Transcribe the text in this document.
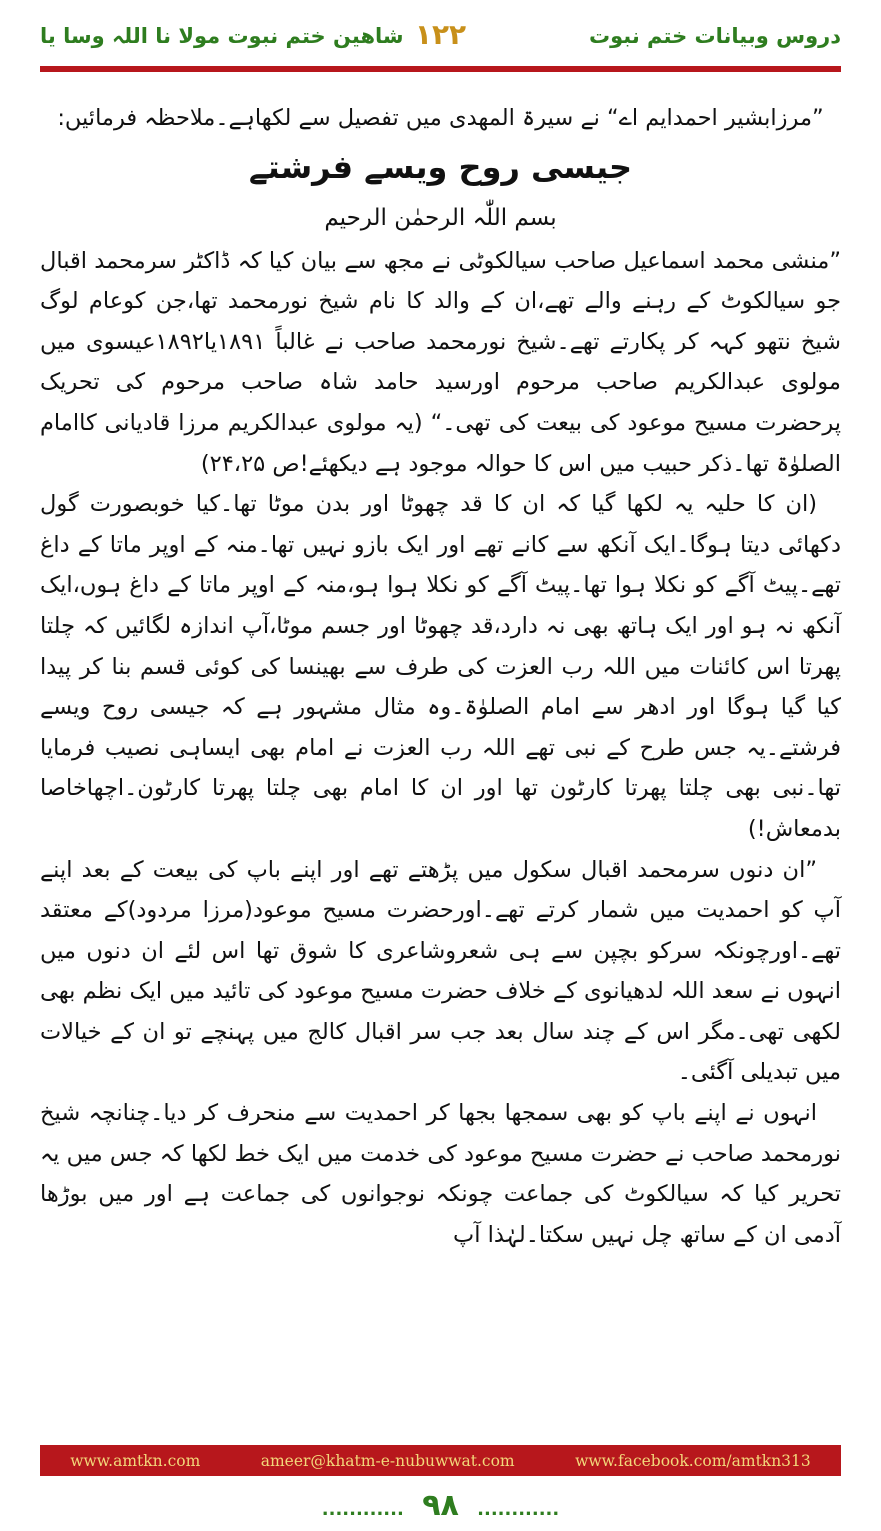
دروس وبیانات ختم نبوت
۱۲۲
شاهین ختم نبوت مولا نا اللہ وسا یا

”مرزابشیر احمدایم اے“ نے سیرۃ المھدی میں تفصیل سے لکھاہے۔ملاحظہ فرمائیں:

جیسی روح ویسے فرشتے

بسم اللّٰہ الرحمٰن الرحیم

”منشی محمد اسماعیل صاحب سیالکوٹی نے مجھ سے بیان کیا کہ ڈاکٹر سرمحمد اقبال جو سیالکوٹ کے رہنے والے تھے،ان کے والد کا نام شیخ نورمحمد تھا،جن کوعام لوگ شیخ نتھو کہہ کر پکارتے تھے۔شیخ نورمحمد صاحب نے غالباً ۱۸۹۱یا۱۸۹۲عیسوی میں مولوی عبدالکریم صاحب مرحوم اورسید حامد شاہ صاحب مرحوم کی تحریک پرحضرت مسیح موعود کی بیعت کی تھی۔“ (یہ مولوی عبدالکریم مرزا قادیانی کاامام الصلوٰۃ تھا۔ذکر حبیب میں اس کا حوالہ موجود ہے دیکھئے!ص ۲۴،۲۵)

(ان کا حلیہ یہ لکھا گیا کہ ان کا قد چھوٹا اور بدن موٹا تھا۔کیا خوبصورت گول دکھائی دیتا ہوگا۔ایک آنکھ سے کانے تھے اور ایک بازو نہیں تھا۔منہ کے اوپر ماتا کے داغ تھے۔پیٹ آگے کو نکلا ہوا تھا۔پیٹ آگے کو نکلا ہوا ہو،منہ کے اوپر ماتا کے داغ ہوں،ایک آنکھ نہ ہو اور ایک ہاتھ بھی نہ دارد،قد چھوٹا اور جسم موٹا،آپ اندازہ لگائیں کہ چلتا پھرتا اس کائنات میں اللہ رب العزت کی طرف سے بھینسا کی کوئی قسم بنا کر پیدا کیا گیا ہوگا اور ادھر سے امام الصلوٰۃ۔وہ مثال مشہور ہے کہ جیسی روح ویسے فرشتے۔یہ جس طرح کے نبی تھے اللہ رب العزت نے امام بھی ایساہی نصیب فرمایا تھا۔نبی بھی چلتا پھرتا کارٹون تھا اور ان کا امام بھی چلتا پھرتا کارٹون۔اچھاخاصا بدمعاش!)

”ان دنوں سرمحمد اقبال سکول میں پڑھتے تھے اور اپنے باپ کی بیعت کے بعد اپنے آپ کو احمدیت میں شمار کرتے تھے۔اورحضرت مسیح موعود(مرزا مردود)کے معتقد تھے۔اورچونکہ سرکو بچپن سے ہی شعروشاعری کا شوق تھا اس لئے ان دنوں میں انہوں نے سعد اللہ لدھیانوی کے خلاف حضرت مسیح موعود کی تائید میں ایک نظم بھی لکھی تھی۔مگر اس کے چند سال بعد جب سر اقبال کالج میں پہنچے تو ان کے خیالات میں تبدیلی آگئی۔

انہوں نے اپنے باپ کو بھی سمجھا بجھا کر احمدیت سے منحرف کر دیا۔چنانچہ شیخ نورمحمد صاحب نے حضرت مسیح موعود کی خدمت میں ایک خط لکھا کہ جس میں یہ تحریر کیا کہ سیالکوٹ کی جماعت چونکہ نوجوانوں کی جماعت ہے اور میں بوڑھا آدمی ان کے ساتھ چل نہیں سکتا۔لہٰذا آپ

www.amtkn.com	ameer@khatm-e-nubuwwat.com	www.facebook.com/amtkn313
............ ۹۸ ............
